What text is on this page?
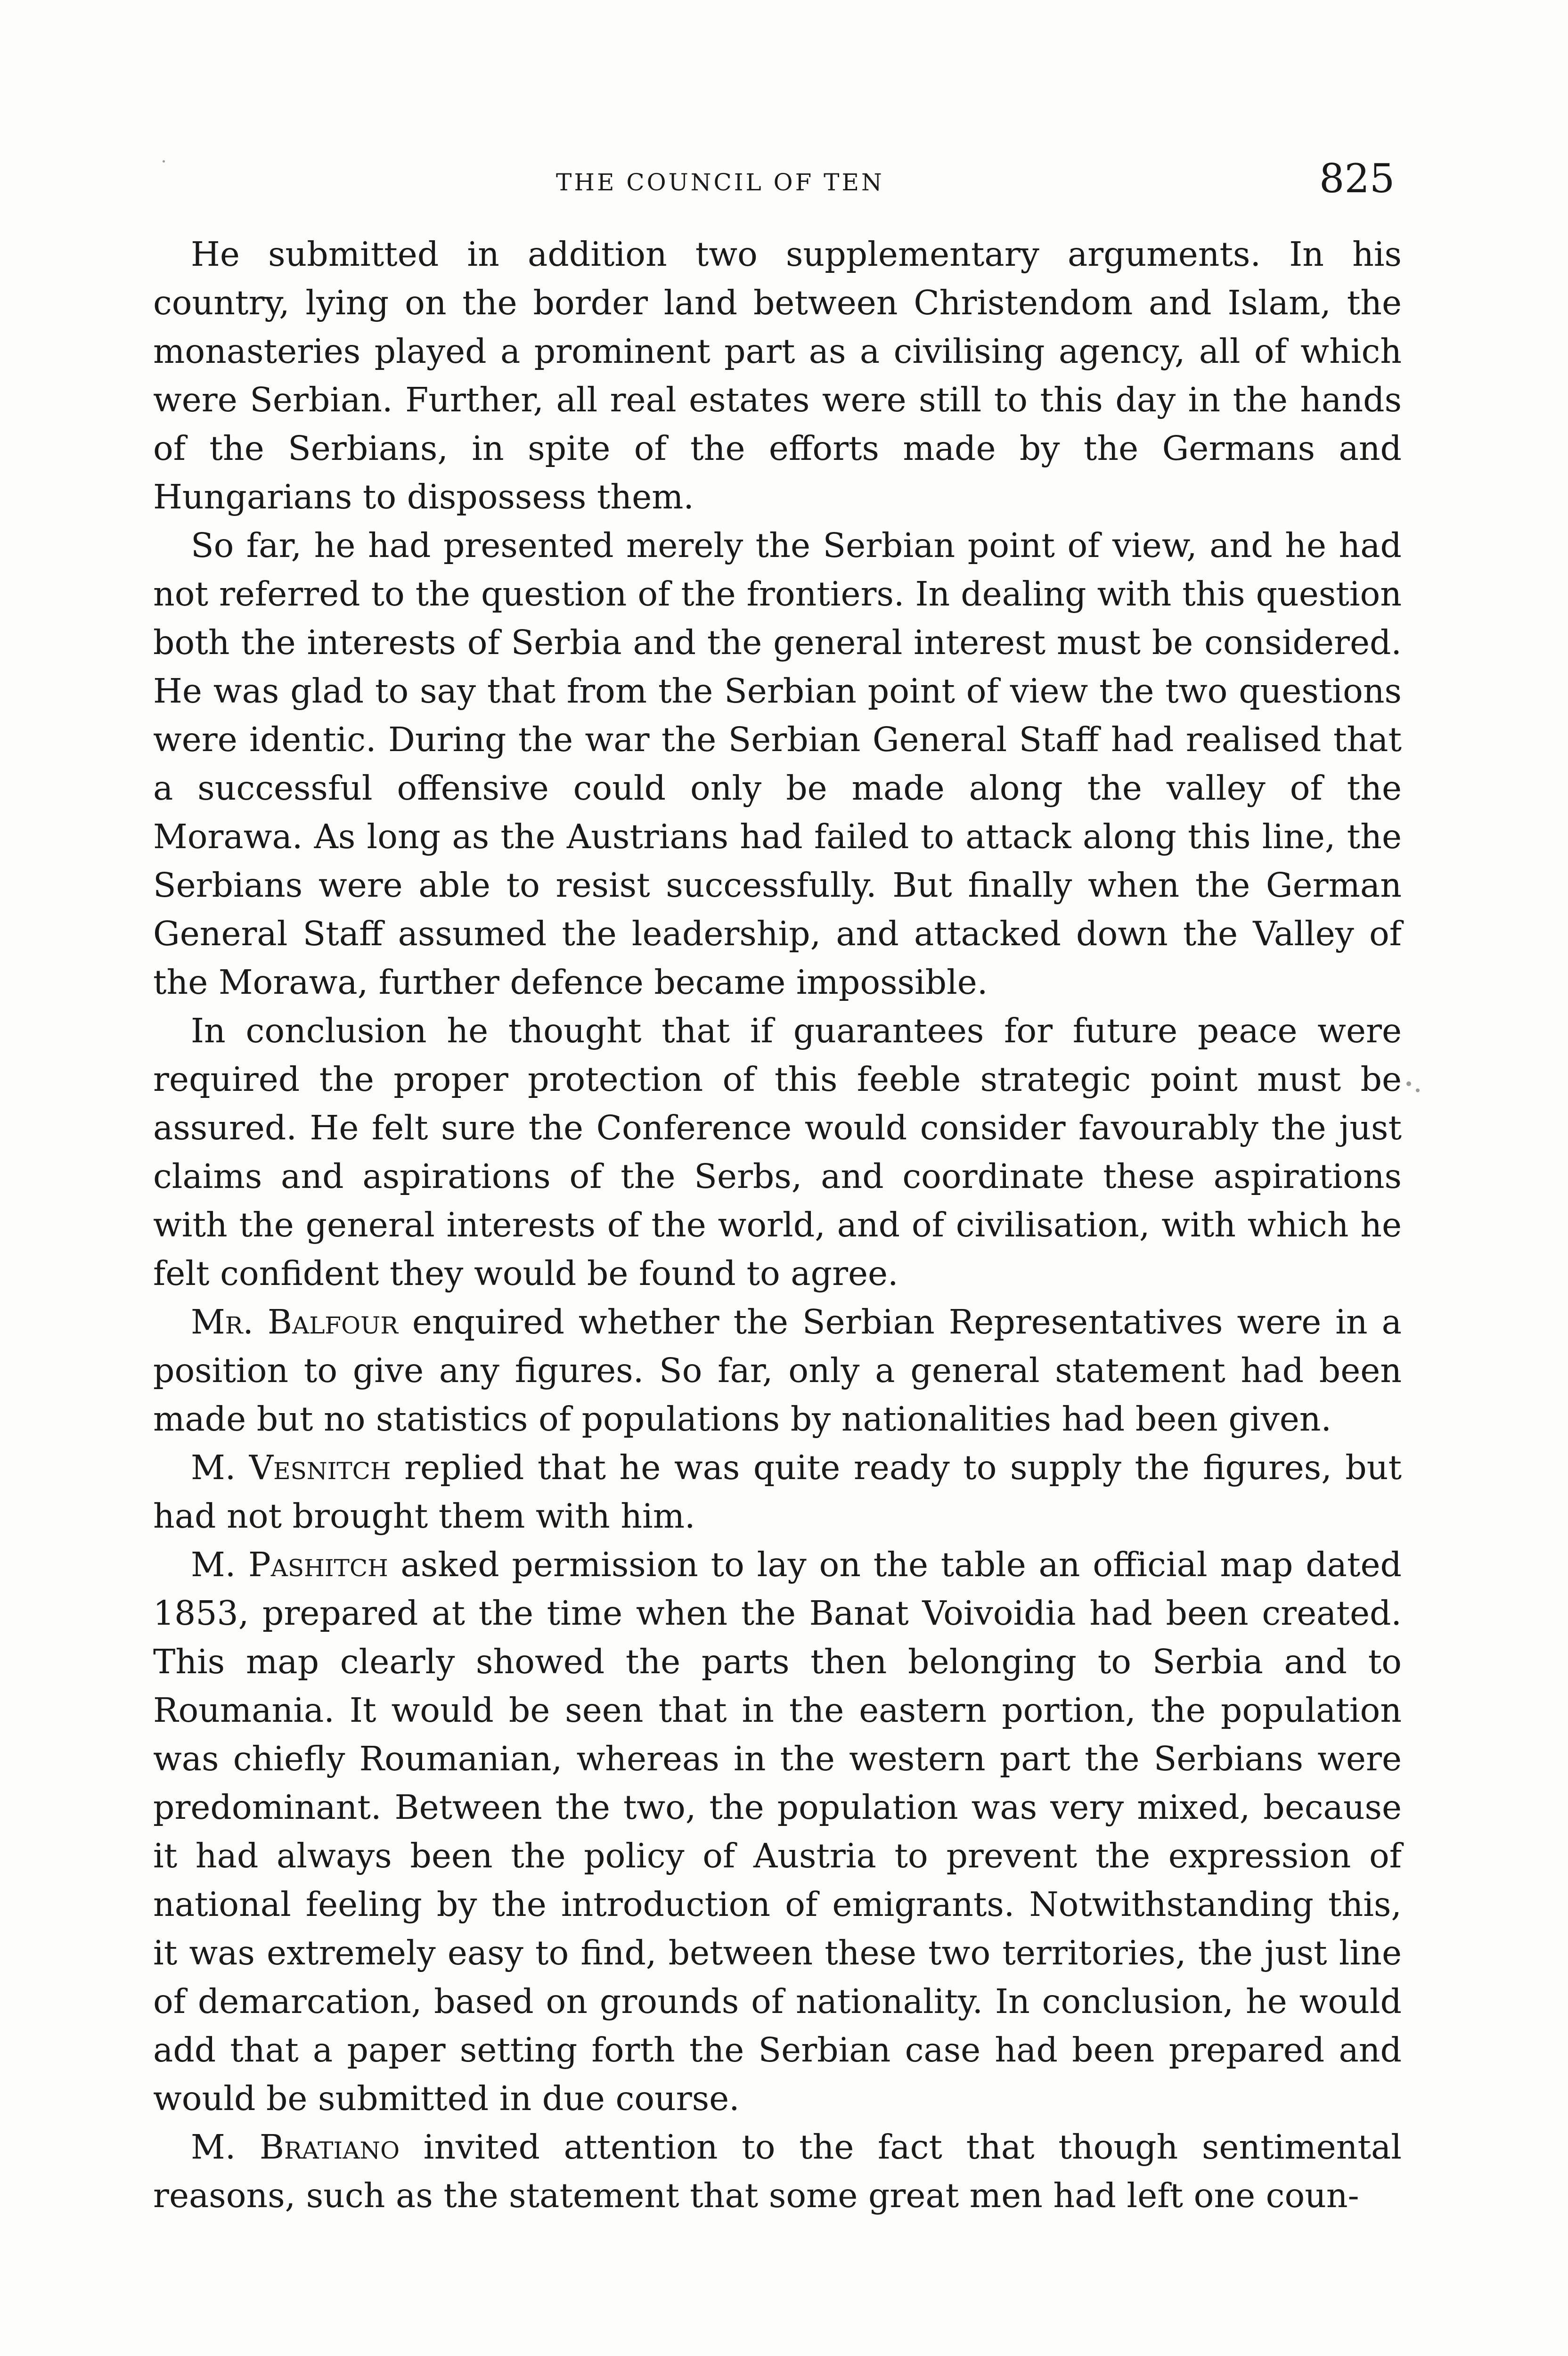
THE COUNCIL OF TEN	825

He submitted in addition two supplementary arguments. In his country, lying on the border land between Christendom and Islam, the monasteries played a prominent part as a civilising agency, all of which were Serbian. Further, all real estates were still to this day in the hands of the Serbians, in spite of the efforts made by the Germans and Hungarians to dispossess them.

So far, he had presented merely the Serbian point of view, and he had not referred to the question of the frontiers. In dealing with this question both the interests of Serbia and the general interest must be considered. He was glad to say that from the Serbian point of view the two questions were identic. During the war the Serbian General Staff had realised that a successful offensive could only be made along the valley of the Morawa. As long as the Austrians had failed to attack along this line, the Serbians were able to resist successfully. But finally when the German General Staff assumed the leadership, and attacked down the Valley of the Morawa, further defence became impossible.

In conclusion he thought that if guarantees for future peace were required the proper protection of this feeble strategic point must be assured. He felt sure the Conference would consider favourably the just claims and aspirations of the Serbs, and coordinate these aspirations with the general interests of the world, and of civilisation, with which he felt confident they would be found to agree.

Mr. Balfour enquired whether the Serbian Representatives were in a position to give any figures. So far, only a general statement had been made but no statistics of populations by nationalities had been given.

M. Vesnitch replied that he was quite ready to supply the figures, but had not brought them with him.

M. Pashitch asked permission to lay on the table an official map dated 1853, prepared at the time when the Banat Voivoidia had been created. This map clearly showed the parts then belonging to Serbia and to Roumania. It would be seen that in the eastern portion, the population was chiefly Roumanian, whereas in the western part the Serbians were predominant. Between the two, the population was very mixed, because it had always been the policy of Austria to prevent the expression of national feeling by the introduction of emigrants. Notwithstanding this, it was extremely easy to find, between these two territories, the just line of demarcation, based on grounds of nationality. In conclusion, he would add that a paper setting forth the Serbian case had been prepared and would be submitted in due course.

M. Bratiano invited attention to the fact that though sentimental reasons, such as the statement that some great men had left one coun-
